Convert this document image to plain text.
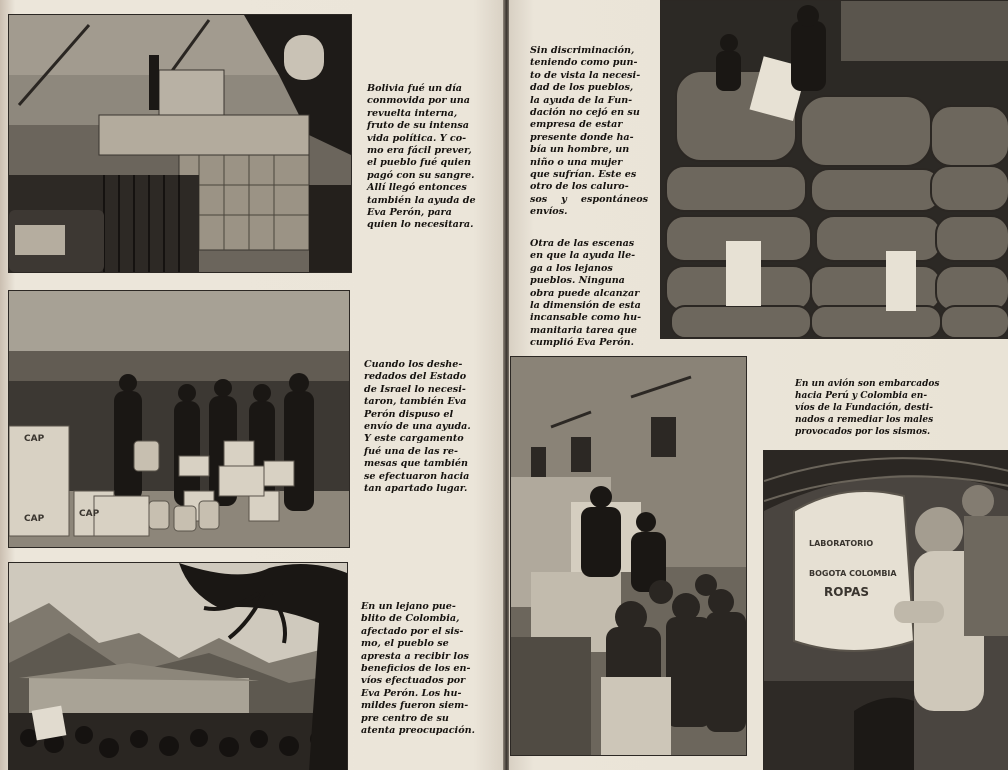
CAP
CAP	CAP
Bolivia fué un día
conmovida por una
revuelta interna,
fruto de su intensa
vida política. Y co-
mo era fácil prever,
el pueblo fué quien
pagó con su sangre.
Allí llegó entonces
también la ayuda de
Eva Perón, para
quien lo necesitara.
Cuando los deshe-
redados del Estado
de Israel lo necesi-
taron, también Eva
Perón dispuso el
envío de una ayuda.
Y este cargamento
fué una de las re-
mesas que también
se efectuaron hacia
tan apartado lugar.
En un lejano pue-
blito de Colombia,
afectado por el sis-
mo, el pueblo se
apresta a recibir los
beneficios de los en-
víos efectuados por
Eva Perón. Los hu-
mildes fueron siem-
pre centro de su
atenta preocupación.
Sin discriminación,
teniendo como pun-
to de vista la necesi-
dad de los pueblos,
la ayuda de la Fun-
dación no cejó en su
empresa de estar
presente donde ha-
bía un hombre, un
niño o una mujer
que sufrían. Este es
otro de los caluro-
sos y espontáneos envíos.
Otra de las escenas
en que la ayuda lle-
ga a los lejanos
pueblos. Ninguna
obra puede alcanzar
la dimensión de esta
incansable como hu-
manitaria tarea que
cumplió Eva Perón.
En un avión son embarcados
hacia Perú y Colombia en-
víos de la Fundación, desti-
nados a remediar los males
provocados por los sismos.
LABORATORIO
BOGOTA COLOMBIA
ROPAS
